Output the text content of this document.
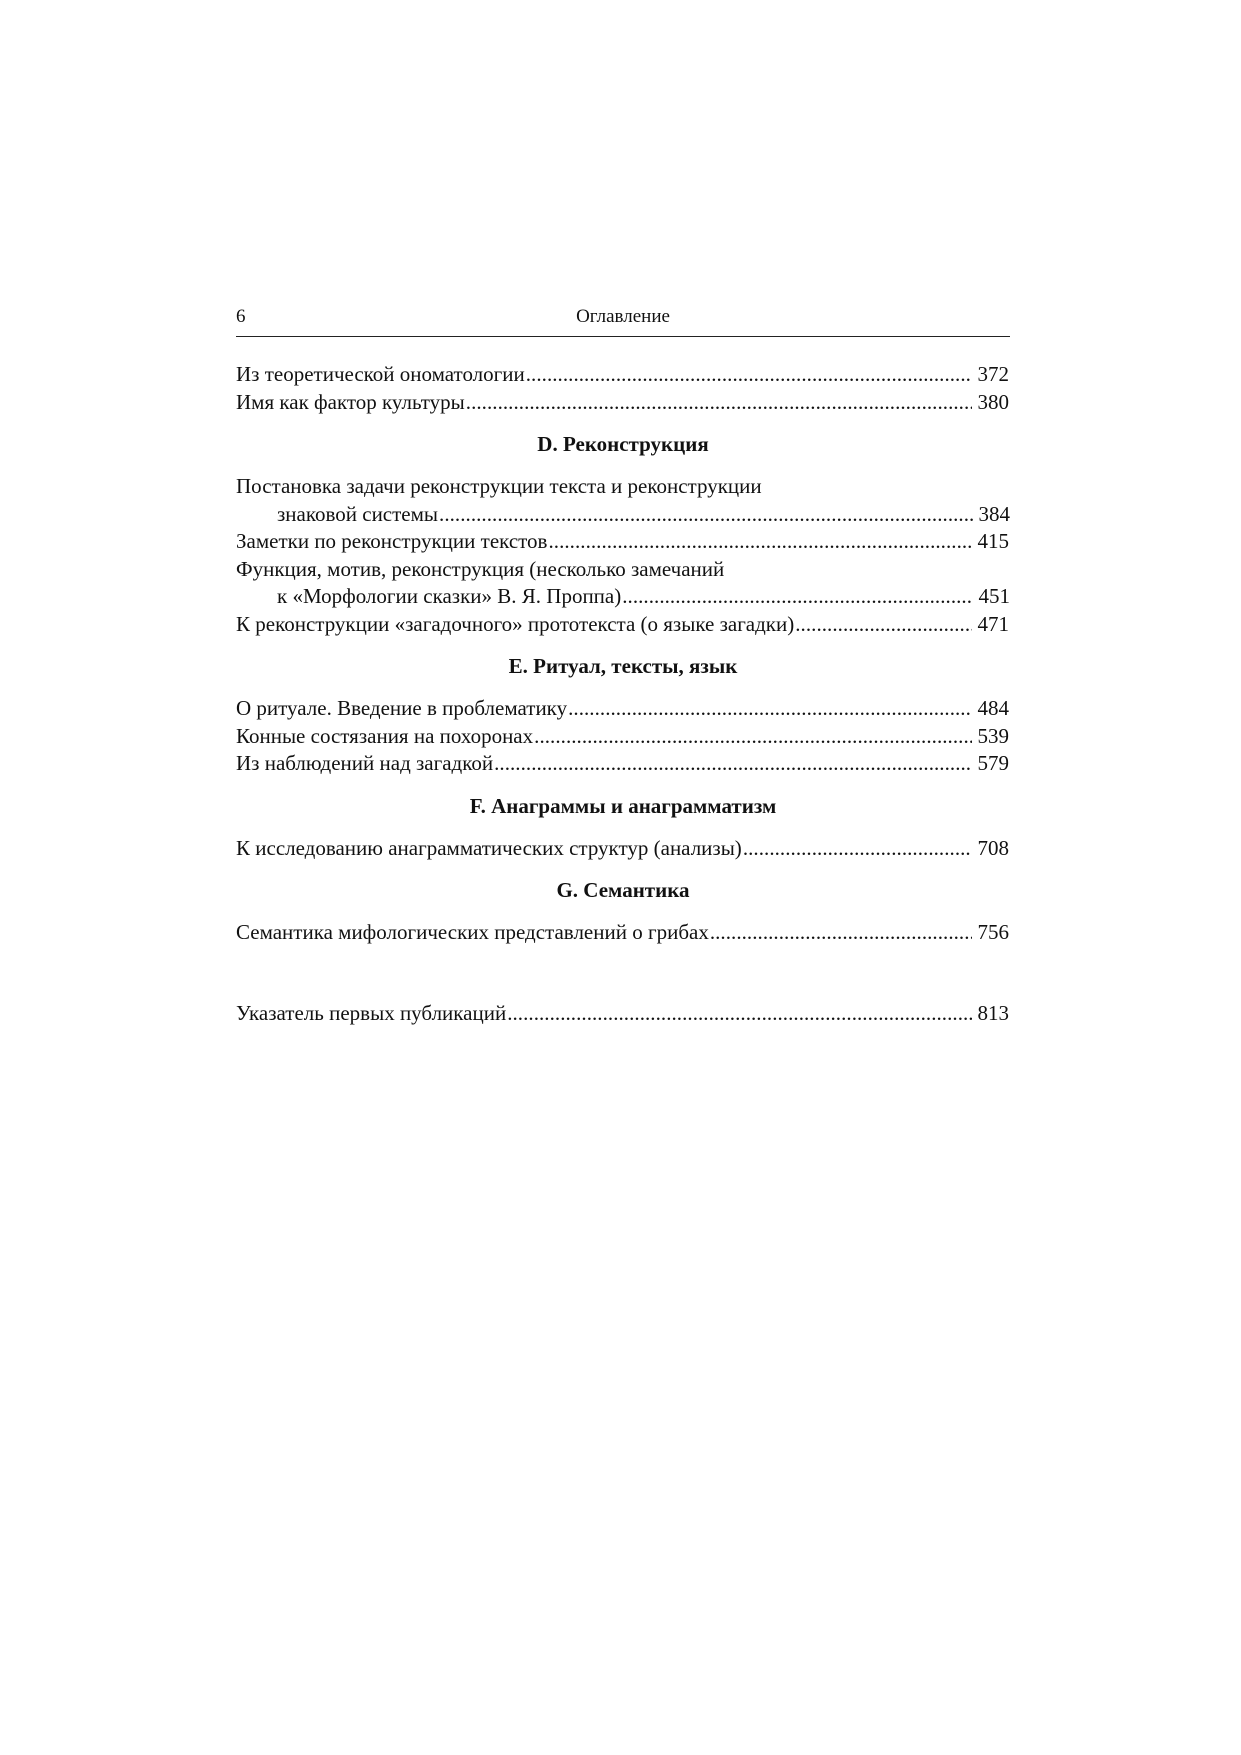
6	Оглавление
Из теоретической ономатологии . . .	372
Имя как фактор культуры . . .	380
D. Реконструкция
Постановка задачи реконструкции текста и реконструкции
знаковой системы . . .	384
Заметки по реконструкции текстов . . .	415
Функция, мотив, реконструкция (несколько замечаний
к «Морфологии сказки» В. Я. Проппа) . . .	451
К реконструкции «загадочного» прототекста (о языке загадки) . . .	471
E. Ритуал, тексты, язык
О ритуале. Введение в проблематику . . .	484
Конные состязания на похоронах . . .	539
Из наблюдений над загадкой . . .	579
F. Анаграммы и анаграмматизм
К исследованию анаграмматических структур (анализы) . . .	708
G. Семантика
Семантика мифологических представлений о грибах . . .	756
Указатель первых публикаций . . .	813
